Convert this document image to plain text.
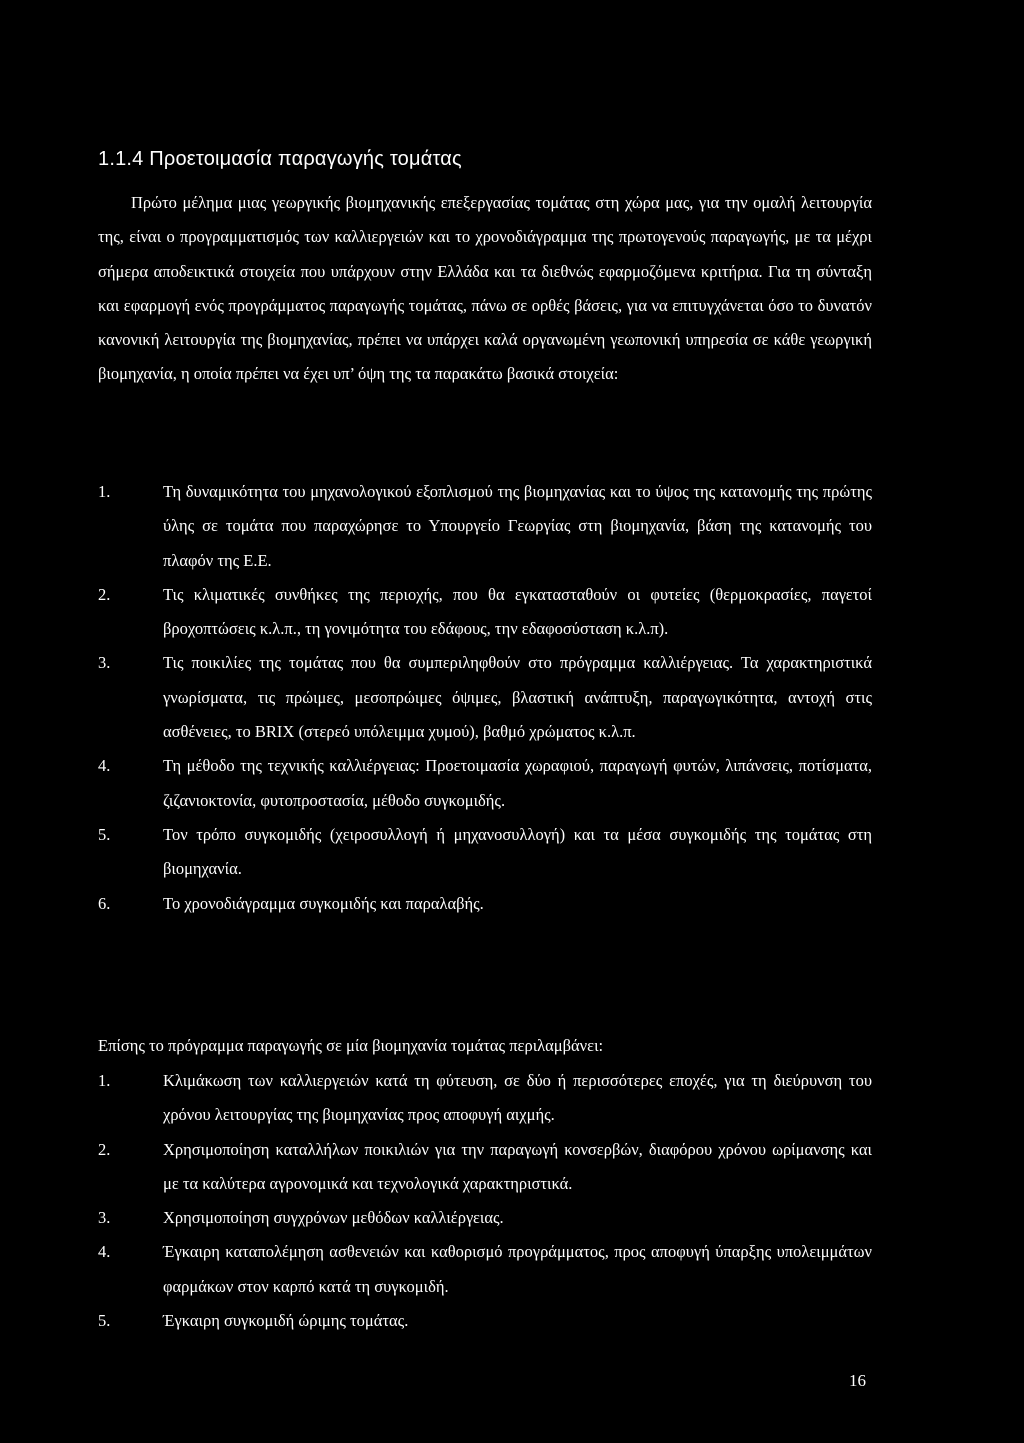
1.1.4 Προετοιμασία παραγωγής τομάτας
Πρώτο μέλημα μιας γεωργικής βιομηχανικής επεξεργασίας τομάτας στη χώρα μας, για την ομαλή λειτουργία της, είναι ο προγραμματισμός των καλλιεργειών και το χρονοδιάγραμμα της πρωτογενούς παραγωγής, με τα μέχρι σήμερα αποδεικτικά στοιχεία που υπάρχουν στην Ελλάδα και τα διεθνώς εφαρμοζόμενα κριτήρια. Για τη σύνταξη και εφαρμογή ενός προγράμματος παραγωγής τομάτας, πάνω σε ορθές βάσεις, για να επιτυγχάνεται όσο το δυνατόν κανονική λειτουργία της βιομηχανίας, πρέπει να υπάρχει καλά οργανωμένη γεωπονική υπηρεσία σε κάθε γεωργική βιομηχανία, η οποία πρέπει να έχει υπ’ όψη της τα παρακάτω βασικά στοιχεία:
1.	Τη δυναμικότητα του μηχανολογικού εξοπλισμού της βιομηχανίας και το ύψος της κατανομής της πρώτης ύλης σε τομάτα που παραχώρησε το Υπουργείο Γεωργίας στη βιομηχανία, βάση της κατανομής του πλαφόν της Ε.Ε.
2.	Τις κλιματικές συνθήκες της περιοχής, που θα εγκατασταθούν οι φυτείες (θερμοκρασίες, παγετοί βροχοπτώσεις κ.λ.π., τη γονιμότητα του εδάφους, την εδαφοσύσταση κ.λ.π).
3.	Τις ποικιλίες της τομάτας που θα συμπεριληφθούν στο πρόγραμμα καλλιέργειας. Τα χαρακτηριστικά γνωρίσματα, τις πρώιμες, μεσοπρώιμες όψιμες, βλαστική ανάπτυξη, παραγωγικότητα, αντοχή στις ασθένειες, το BRIX (στερεό υπόλειμμα χυμού), βαθμό χρώματος κ.λ.π.
4.	Τη μέθοδο της τεχνικής καλλιέργειας: Προετοιμασία χωραφιού, παραγωγή φυτών, λιπάνσεις, ποτίσματα, ζιζανιοκτονία, φυτοπροστασία, μέθοδο συγκομιδής.
5.	Τον τρόπο συγκομιδής (χειροσυλλογή ή μηχανοσυλλογή) και τα μέσα συγκομιδής της τομάτας στη βιομηχανία.
6.	Το χρονοδιάγραμμα συγκομιδής και παραλαβής.
Επίσης το πρόγραμμα παραγωγής σε μία βιομηχανία τομάτας περιλαμβάνει:
1.	Κλιμάκωση των καλλιεργειών κατά τη φύτευση, σε δύο ή περισσότερες εποχές, για τη διεύρυνση του χρόνου λειτουργίας της βιομηχανίας προς αποφυγή αιχμής.
2.	Χρησιμοποίηση καταλλήλων ποικιλιών για την παραγωγή κονσερβών, διαφόρου χρόνου ωρίμανσης και με τα καλύτερα αγρονομικά και τεχνολογικά χαρακτηριστικά.
3.	Χρησιμοποίηση συγχρόνων μεθόδων καλλιέργειας.
4.	Έγκαιρη καταπολέμηση ασθενειών και καθορισμό προγράμματος, προς αποφυγή ύπαρξης υπολειμμάτων φαρμάκων στον καρπό κατά τη συγκομιδή.
5.	Έγκαιρη συγκομιδή ώριμης τομάτας.
16
